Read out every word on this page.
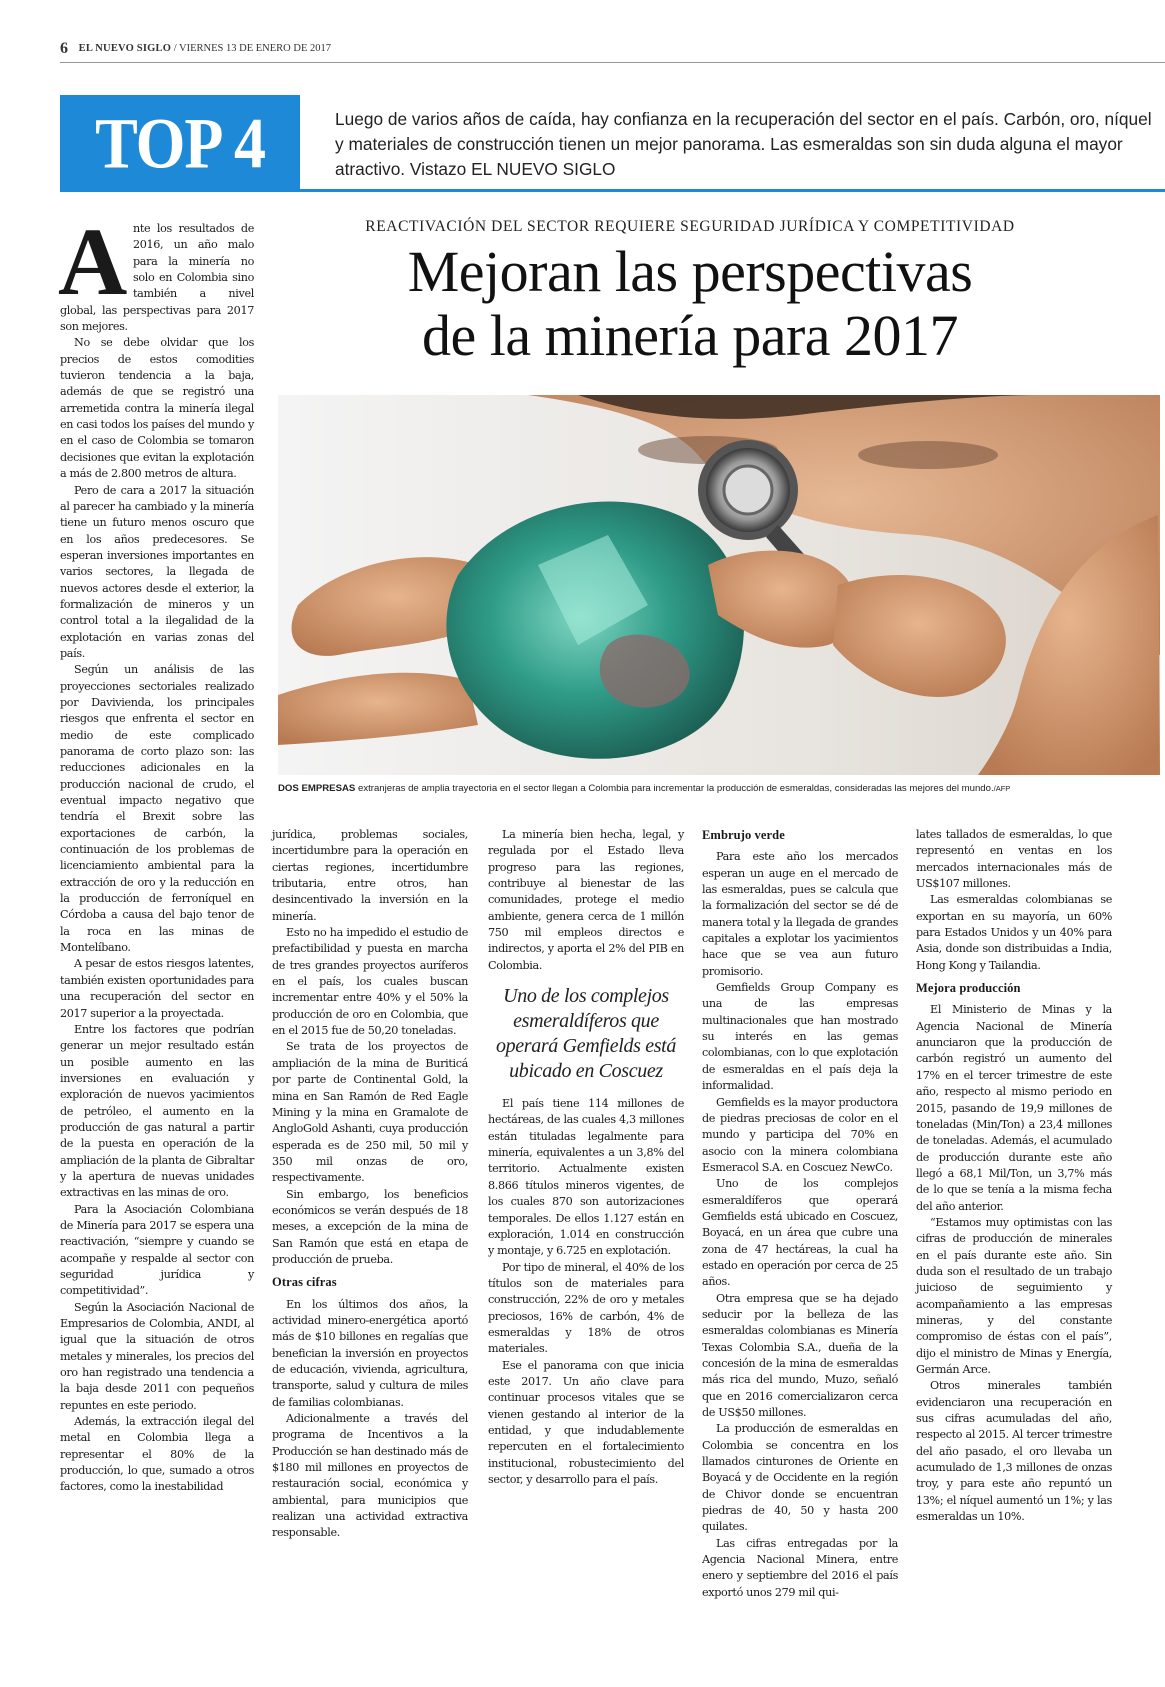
6 EL NUEVO SIGLO / VIERNES 13 DE ENERO DE 2017
TOP 4	Luego de varios años de caída, hay confianza en la recuperación del sector en el país. Carbón, oro, níquel y materiales de construcción tienen un mejor panorama. Las esmeraldas son sin duda alguna el mayor atractivo. Vistazo EL NUEVO SIGLO
REACTIVACIÓN DEL SECTOR REQUIERE SEGURIDAD JURÍDICA Y COMPETITIVIDAD
Mejoran las perspectivas
de la minería para 2017
DOS EMPRESAS extranjeras de amplia trayectoria en el sector llegan a Colombia para incrementar la producción de esmeraldas, consideradas las mejores del mundo./AFP

Ante los resultados de 2016, un año malo para la minería no solo en Colombia sino también a nivel global, las perspectivas para 2017 son mejores.

No se debe olvidar que los precios de estos comodities tuvieron tendencia a la baja, además de que se registró una arremetida contra la minería ilegal en casi todos los países del mundo y en el caso de Colombia se tomaron decisiones que evitan la explotación a más de 2.800 metros de altura.

Pero de cara a 2017 la situación al parecer ha cambiado y la minería tiene un futuro menos oscuro que en los años predecesores. Se esperan inversiones importantes en varios sectores, la llegada de nuevos actores desde el exterior, la formalización de mineros y un control total a la ilegalidad de la explotación en varias zonas del país.

Según un análisis de las proyecciones sectoriales realizado por Davivienda, los principales riesgos que enfrenta el sector en medio de este complicado panorama de corto plazo son: las reducciones adicionales en la producción nacional de crudo, el eventual impacto negativo que tendría el Brexit sobre las exportaciones de carbón, la continuación de los problemas de licenciamiento ambiental para la extracción de oro y la reducción en la producción de ferroníquel en Córdoba a causa del bajo tenor de la roca en las minas de Montelíbano.

A pesar de estos riesgos latentes, también existen oportunidades para una recuperación del sector en 2017 superior a la proyectada.

Entre los factores que podrían generar un mejor resultado están un posible aumento en las inversiones en evaluación y exploración de nuevos yacimientos de petróleo, el aumento en la producción de gas natural a partir de la puesta en operación de la ampliación de la planta de Gibraltar y la apertura de nuevas unidades extractivas en las minas de oro.

Para la Asociación Colombiana de Minería para 2017 se espera una reactivación, “siempre y cuando se acompañe y respalde al sector con seguridad jurídica y competitividad”.

Según la Asociación Nacional de Empresarios de Colombia, ANDI, al igual que la situación de otros metales y minerales, los precios del oro han registrado una tendencia a la baja desde 2011 con pequeños repuntes en este periodo.

Además, la extracción ilegal del metal en Colombia llega a representar el 80% de la producción, lo que, sumado a otros factores, como la inestabilidad

jurídica, problemas sociales, incertidumbre para la operación en ciertas regiones, incertidumbre tributaria, entre otros, han desincentivado la inversión en la minería.

Esto no ha impedido el estudio de prefactibilidad y puesta en marcha de tres grandes proyectos auríferos en el país, los cuales buscan incrementar entre 40% y el 50% la producción de oro en Colombia, que en el 2015 fue de 50,20 toneladas.

Se trata de los proyectos de ampliación de la mina de Buriticá por parte de Continental Gold, la mina en San Ramón de Red Eagle Mining y la mina en Gramalote de AngloGold Ashanti, cuya producción esperada es de 250 mil, 50 mil y 350 mil onzas de oro, respectivamente.

Sin embargo, los beneficios económicos se verán después de 18 meses, a excepción de la mina de San Ramón que está en etapa de producción de prueba.

Otras cifras

En los últimos dos años, la actividad minero-energética aportó más de $10 billones en regalías que benefician la inversión en proyectos de educación, vivienda, agricultura, transporte, salud y cultura de miles de familias colombianas.

Adicionalmente a través del programa de Incentivos a la Producción se han destinado más de $180 mil millones en proyectos de restauración social, económica y ambiental, para municipios que realizan una actividad extractiva responsable.

La minería bien hecha, legal, y regulada por el Estado lleva progreso para las regiones, contribuye al bienestar de las comunidades, protege el medio ambiente, genera cerca de 1 millón 750 mil empleos directos e indirectos, y aporta el 2% del PIB en Colombia.

Uno de los complejos esmeraldíferos que operará Gemfields está ubicado en Coscuez

El país tiene 114 millones de hectáreas, de las cuales 4,3 millones están tituladas legalmente para minería, equivalentes a un 3,8% del territorio. Actualmente existen 8.866 títulos mineros vigentes, de los cuales 870 son autorizaciones temporales. De ellos 1.127 están en exploración, 1.014 en construcción y montaje, y 6.725 en explotación.

Por tipo de mineral, el 40% de los títulos son de materiales para construcción, 22% de oro y metales preciosos, 16% de carbón, 4% de esmeraldas y 18% de otros materiales.

Ese el panorama con que inicia este 2017. Un año clave para continuar procesos vitales que se vienen gestando al interior de la entidad, y que indudablemente repercuten en el fortalecimiento institucional, robustecimiento del sector, y desarrollo para el país.

Embrujo verde

Para este año los mercados esperan un auge en el mercado de las esmeraldas, pues se calcula que la formalización del sector se dé de manera total y la llegada de grandes capitales a explotar los yacimientos hace que se vea aun futuro promisorio.

Gemfields Group Company es una de las empresas multinacionales que han mostrado su interés en las gemas colombianas, con lo que explotación de esmeraldas en el país deja la informalidad.

Gemfields es la mayor productora de piedras preciosas de color en el mundo y participa del 70% en asocio con la minera colombiana Esmeracol S.A. en Coscuez NewCo.

Uno de los complejos esmeraldíferos que operará Gemfields está ubicado en Coscuez, Boyacá, en un área que cubre una zona de 47 hectáreas, la cual ha estado en operación por cerca de 25 años.

Otra empresa que se ha dejado seducir por la belleza de las esmeraldas colombianas es Minería Texas Colombia S.A., dueña de la concesión de la mina de esmeraldas más rica del mundo, Muzo, señaló que en 2016 comercializaron cerca de US$50 millones.

La producción de esmeraldas en Colombia se concentra en los llamados cinturones de Oriente en Boyacá y de Occidente en la región de Chivor donde se encuentran piedras de 40, 50 y hasta 200 quilates.

Las cifras entregadas por la Agencia Nacional Minera, entre enero y septiembre del 2016 el país exportó unos 279 mil qui-

lates tallados de esmeraldas, lo que representó en ventas en los mercados internacionales más de US$107 millones.

Las esmeraldas colombianas se exportan en su mayoría, un 60% para Estados Unidos y un 40% para Asia, donde son distribuidas a India, Hong Kong y Tailandia.

Mejora producción

El Ministerio de Minas y la Agencia Nacional de Minería anunciaron que la producción de carbón registró un aumento del 17% en el tercer trimestre de este año, respecto al mismo periodo en 2015, pasando de 19,9 millones de toneladas (Min/Ton) a 23,4 millones de toneladas. Además, el acumulado de producción durante este año llegó a 68,1 Mil/Ton, un 3,7% más de lo que se tenía a la misma fecha del año anterior.

“Estamos muy optimistas con las cifras de producción de minerales en el país durante este año. Sin duda son el resultado de un trabajo juicioso de seguimiento y acompañamiento a las empresas mineras, y del constante compromiso de éstas con el país”, dijo el ministro de Minas y Energía, Germán Arce.

Otros minerales también evidenciaron una recuperación en sus cifras acumuladas del año, respecto al 2015. Al tercer trimestre del año pasado, el oro llevaba un acumulado de 1,3 millones de onzas troy, y para este año repuntó un 13%; el níquel aumentó un 1%; y las esmeraldas un 10%.
